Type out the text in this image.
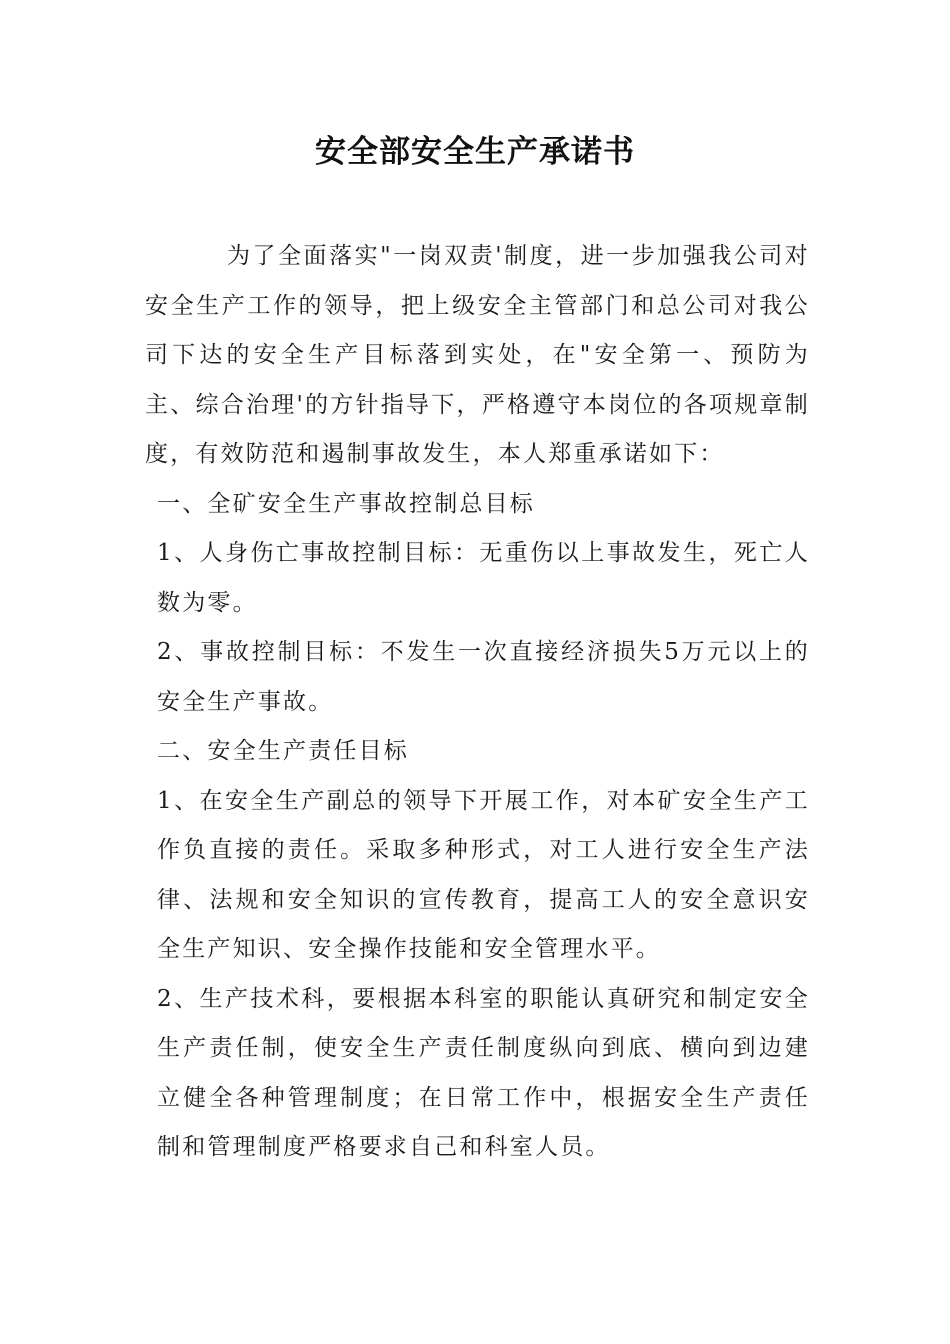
安全部安全生产承诺书

为了全面落实"一岗双责'制度，进一步加强我公司对安全生产工作的领导，把上级安全主管部门和总公司对我公司下达的安全生产目标落到实处，在"安全第一、预防为主、综合治理'的方针指导下，严格遵守本岗位的各项规章制度，有效防范和遏制事故发生，本人郑重承诺如下：

一、全矿安全生产事故控制总目标

1、人身伤亡事故控制目标：无重伤以上事故发生，死亡人数为零。

2、事故控制目标：不发生一次直接经济损失5万元以上的安全生产事故。

二、安全生产责任目标

1、在安全生产副总的领导下开展工作，对本矿安全生产工作负直接的责任。采取多种形式，对工人进行安全生产法律、法规和安全知识的宣传教育，提高工人的安全意识安全生产知识、安全操作技能和安全管理水平。

2、生产技术科，要根据本科室的职能认真研究和制定安全生产责任制，使安全生产责任制度纵向到底、横向到边建立健全各种管理制度；在日常工作中，根据安全生产责任制和管理制度严格要求自己和科室人员。
